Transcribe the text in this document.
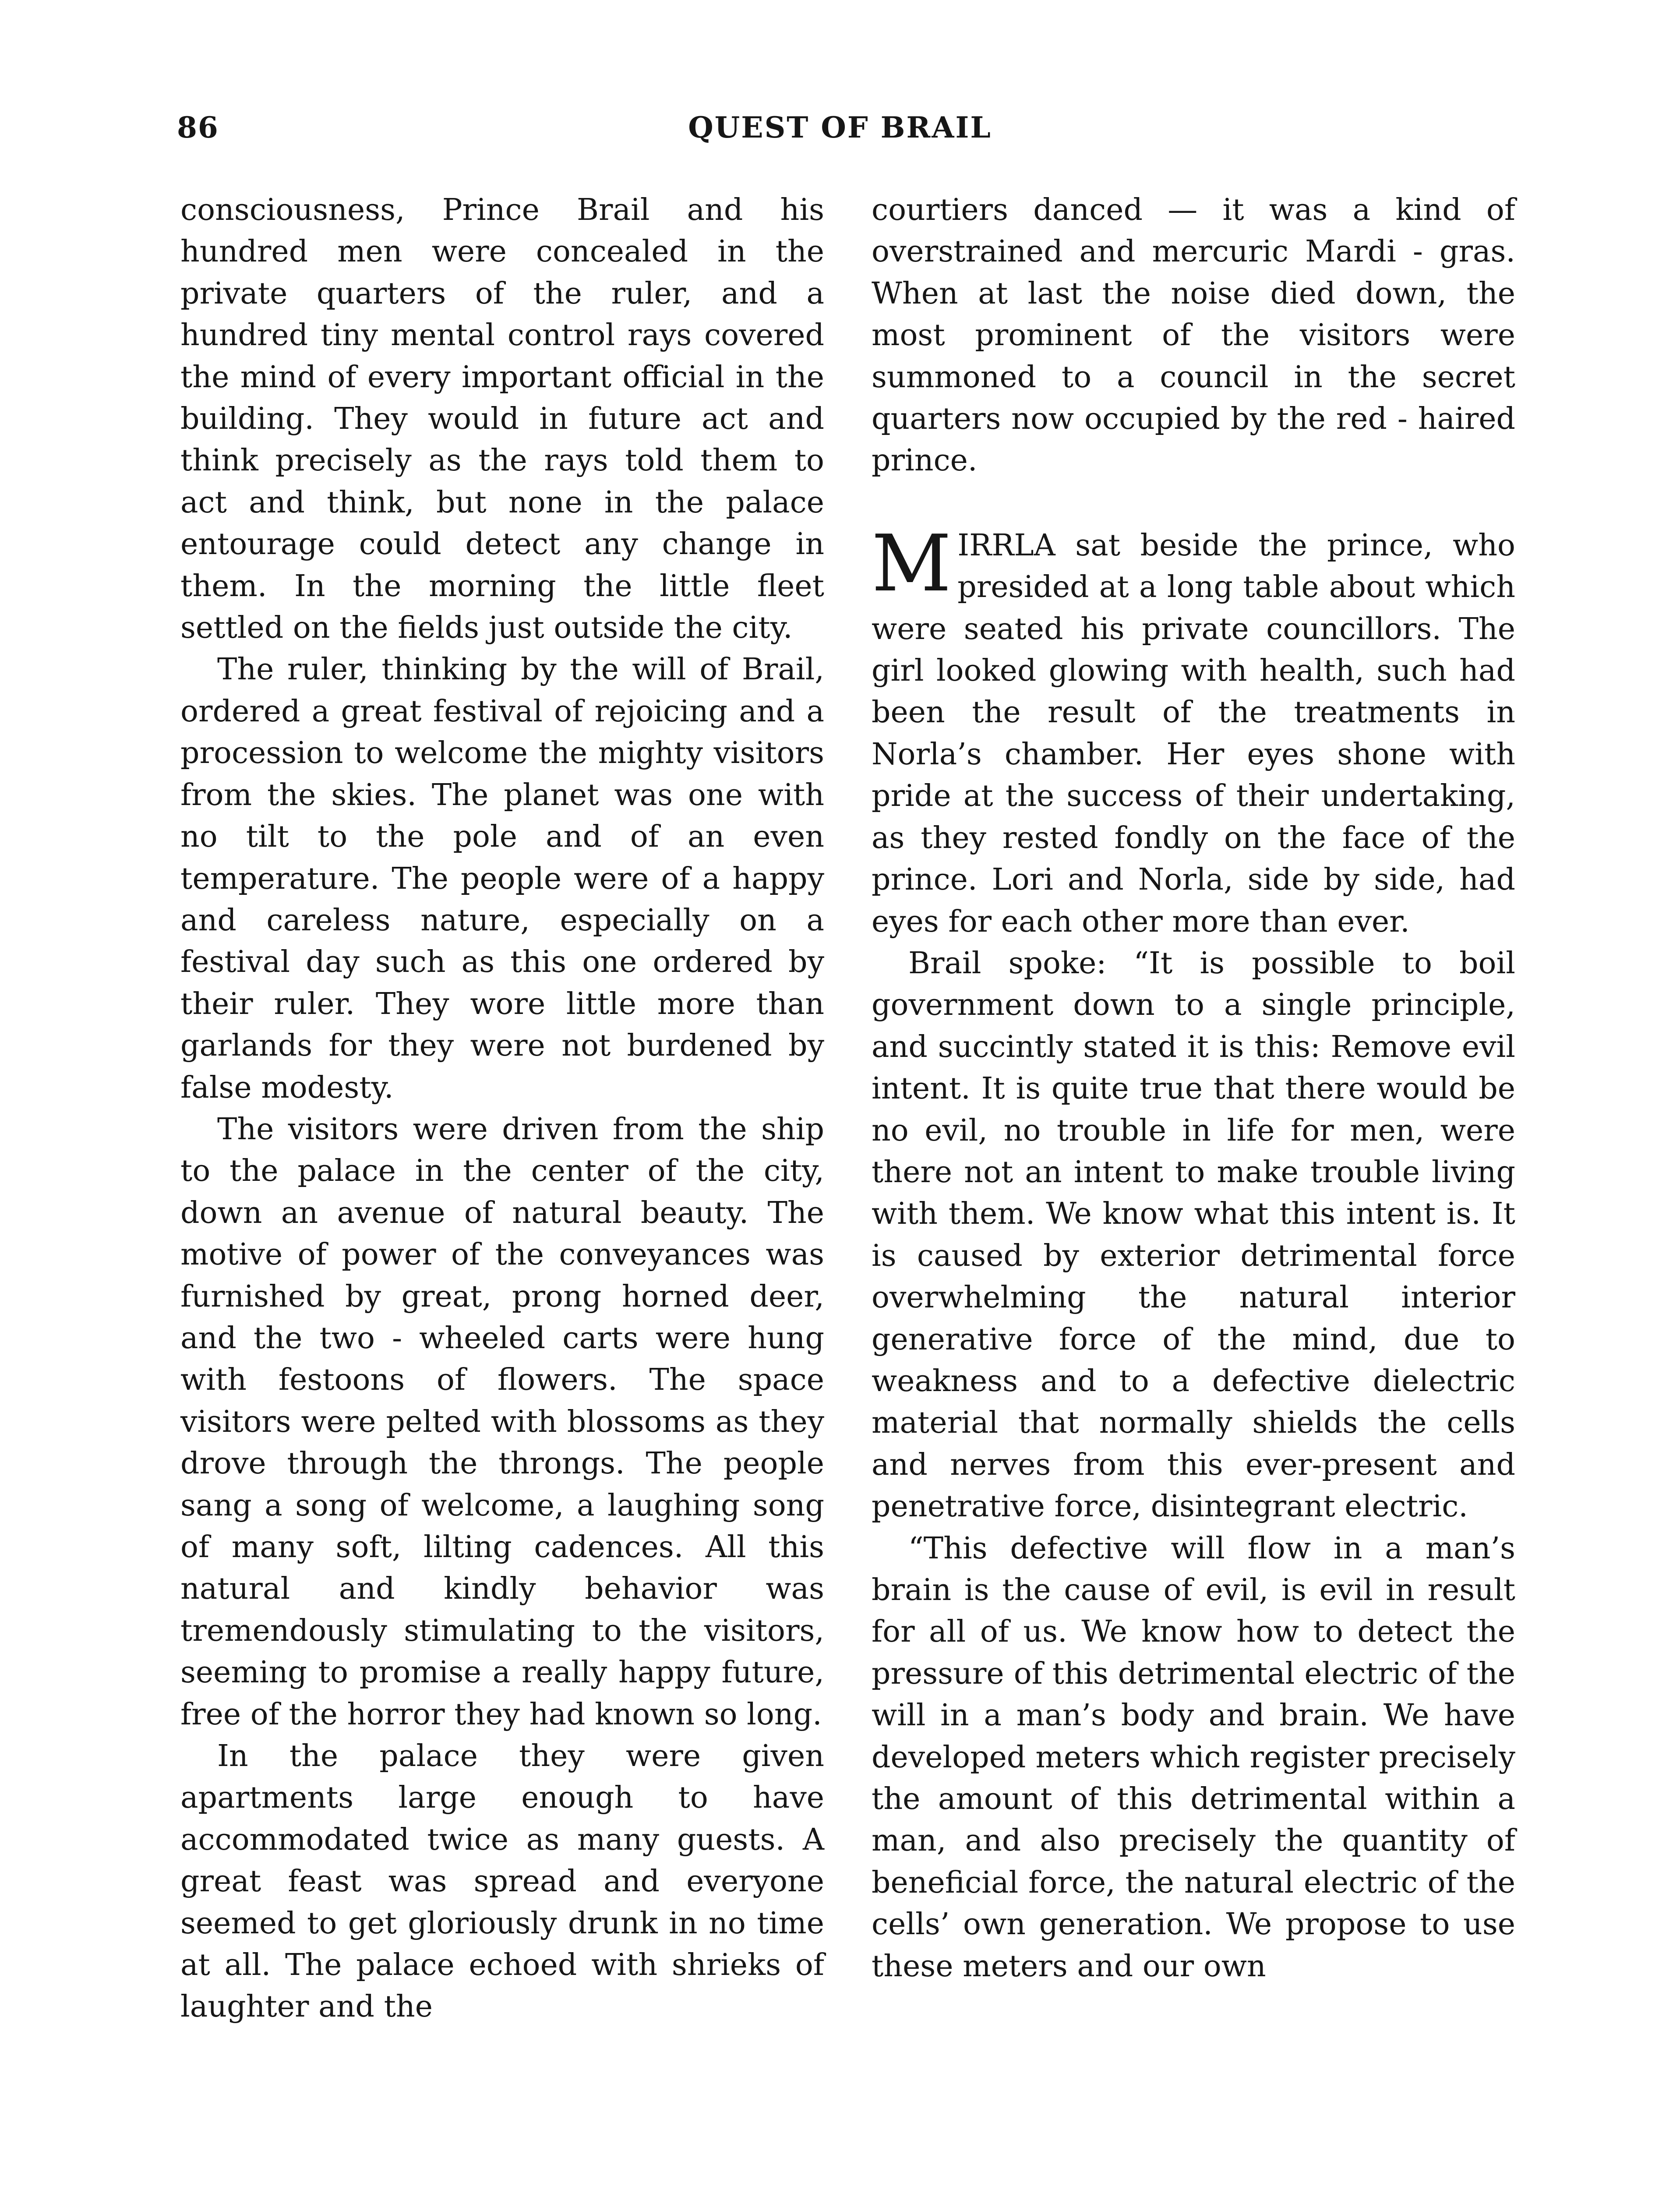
86	QUEST OF BRAIL

consciousness, Prince Brail and his hundred men were concealed in the private quarters of the ruler, and a hundred tiny mental control rays covered the mind of every important official in the building. They would in future act and think precisely as the rays told them to act and think, but none in the palace entourage could detect any change in them. In the morning the little fleet settled on the fields just outside the city.

The ruler, thinking by the will of Brail, ordered a great festival of rejoicing and a procession to welcome the mighty visitors from the skies. The planet was one with no tilt to the pole and of an even temperature. The people were of a happy and careless nature, especially on a festival day such as this one ordered by their ruler. They wore little more than garlands for they were not burdened by false modesty.

The visitors were driven from the ship to the palace in the center of the city, down an avenue of natural beauty. The motive of power of the conveyances was furnished by great, prong horned deer, and the two - wheeled carts were hung with festoons of flowers. The space visitors were pelted with blossoms as they drove through the throngs. The people sang a song of welcome, a laughing song of many soft, lilting cadences. All this natural and kindly behavior was tremendously stimulating to the visitors, seeming to promise a really happy future, free of the horror they had known so long.

In the palace they were given apartments large enough to have accommodated twice as many guests. A great feast was spread and everyone seemed to get gloriously drunk in no time at all. The palace echoed with shrieks of laughter and the

courtiers danced — it was a kind of overstrained and mercuric Mardi - gras. When at last the noise died down, the most prominent of the visitors were summoned to a council in the secret quarters now occupied by the red - haired prince.

MIRRLA sat beside the prince, who presided at a long table about which were seated his private councillors. The girl looked glowing with health, such had been the result of the treatments in Norla’s chamber. Her eyes shone with pride at the success of their undertaking, as they rested fondly on the face of the prince. Lori and Norla, side by side, had eyes for each other more than ever.

Brail spoke: “It is possible to boil government down to a single principle, and succintly stated it is this: Remove evil intent. It is quite true that there would be no evil, no trouble in life for men, were there not an intent to make trouble living with them. We know what this intent is. It is caused by exterior detrimental force overwhelming the natural interior generative force of the mind, due to weakness and to a defective dielectric material that normally shields the cells and nerves from this ever-present and penetrative force, disintegrant electric.

“This defective will flow in a man’s brain is the cause of evil, is evil in result for all of us. We know how to detect the pressure of this detrimental electric of the will in a man’s body and brain. We have developed meters which register precisely the amount of this detrimental within a man, and also precisely the quantity of beneficial force, the natural electric of the cells’ own generation. We propose to use these meters and our own
